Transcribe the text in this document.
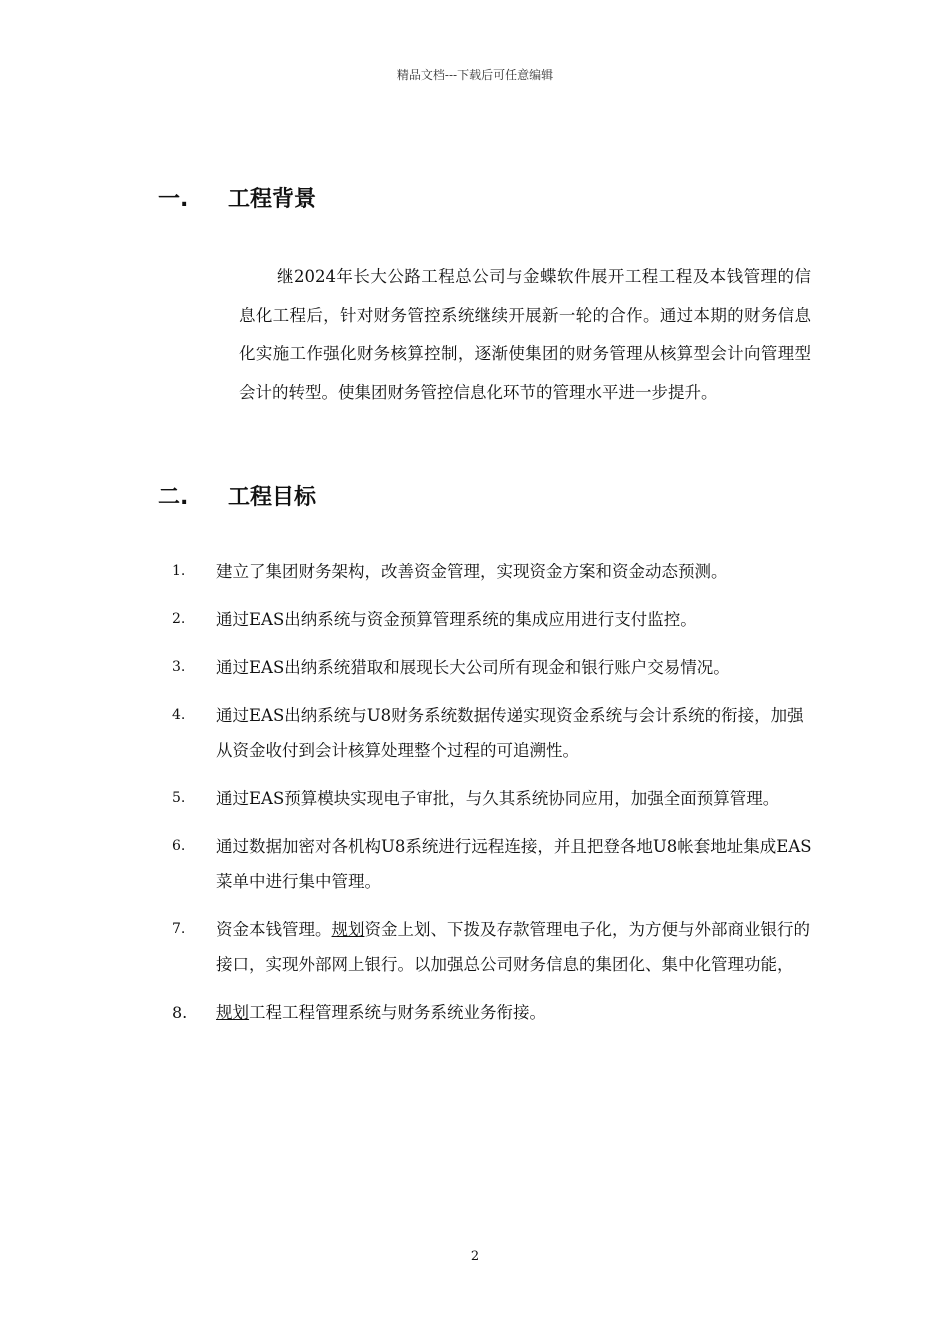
精品文档---下载后可任意编辑
一. 工程背景
继2024年长大公路工程总公司与金蝶软件展开工程工程及本钱管理的信息化工程后，针对财务管控系统继续开展新一轮的合作。通过本期的财务信息化实施工作强化财务核算控制，逐渐使集团的财务管理从核算型会计向管理型会计的转型。使集团财务管控信息化环节的管理水平进一步提升。
二. 工程目标
1. 建立了集团财务架构，改善资金管理，实现资金方案和资金动态预测。
2. 通过EAS出纳系统与资金预算管理系统的集成应用进行支付监控。
3. 通过EAS出纳系统猎取和展现长大公司所有现金和银行账户交易情况。
4. 通过EAS出纳系统与U8财务系统数据传递实现资金系统与会计系统的衔接，加强从资金收付到会计核算处理整个过程的可追溯性。
5. 通过EAS预算模块实现电子审批，与久其系统协同应用，加强全面预算管理。
6. 通过数据加密对各机构U8系统进行远程连接，并且把登各地U8帐套地址集成EAS菜单中进行集中管理。
7. 资金本钱管理。规划资金上划、下拨及存款管理电子化，为方便与外部商业银行的接口，实现外部网上银行。以加强总公司财务信息的集团化、集中化管理功能，
8. 规划工程工程管理系统与财务系统业务衔接。
2
